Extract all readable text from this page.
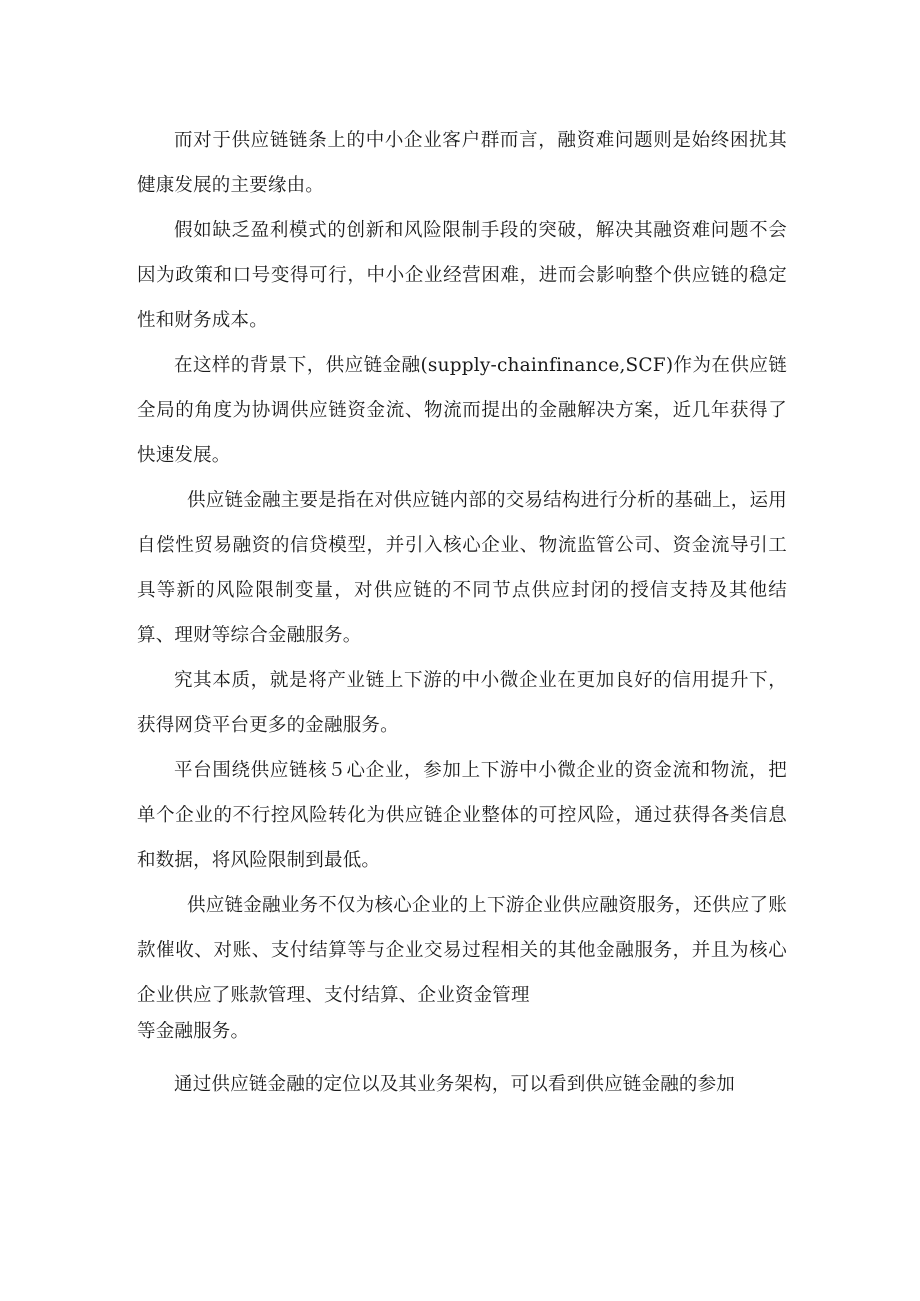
而对于供应链链条上的中小企业客户群而言，融资难问题则是始终困扰其健康发展的主要缘由。

假如缺乏盈利模式的创新和风险限制手段的突破，解决其融资难问题不会因为政策和口号变得可行，中小企业经营困难，进而会影响整个供应链的稳定性和财务成本。

在这样的背景下，供应链金融(supply-chainfinance,SCF)作为在供应链全局的角度为协调供应链资金流、物流而提出的金融解决方案，近几年获得了快速发展。

供应链金融主要是指在对供应链内部的交易结构进行分析的基础上，运用自偿性贸易融资的信贷模型，并引入核心企业、物流监管公司、资金流导引工具等新的风险限制变量，对供应链的不同节点供应封闭的授信支持及其他结算、理财等综合金融服务。

究其本质，就是将产业链上下游的中小微企业在更加良好的信用提升下，获得网贷平台更多的金融服务。

平台围绕供应链核５心企业，参加上下游中小微企业的资金流和物流，把单个企业的不行控风险转化为供应链企业整体的可控风险，通过获得各类信息和数据，将风险限制到最低。

供应链金融业务不仅为核心企业的上下游企业供应融资服务，还供应了账款催收、对账、支付结算等与企业交易过程相关的其他金融服务，并且为核心企业供应了账款管理、支付结算、企业资金管理

等金融服务。

通过供应链金融的定位以及其业务架构，可以看到供应链金融的参加
